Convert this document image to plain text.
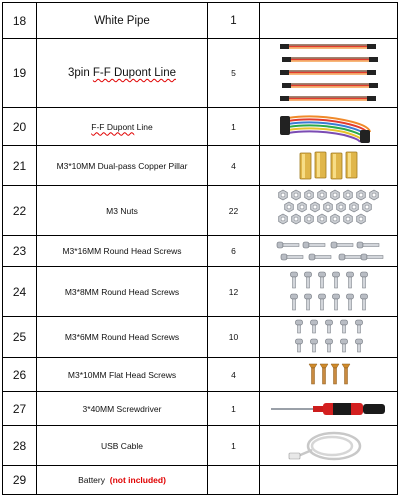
18	White Pipe	1	
19	3pin F-F Dupont Line	5	

20	F-F Dupont Line	1	

21	M3*10MM Dual-pass Copper Pillar	4	

22	M3 Nuts	22	

23	M3*16MM Round Head Screws	6	

24	M3*8MM Round Head Screws	12	

25	M3*6MM Round Head Screws	10	

26	M3*10MM Flat Head Screws	4	

27	3*40MM Screwdriver	1	

28	USB Cable	1	

29	Battery (not included)		
